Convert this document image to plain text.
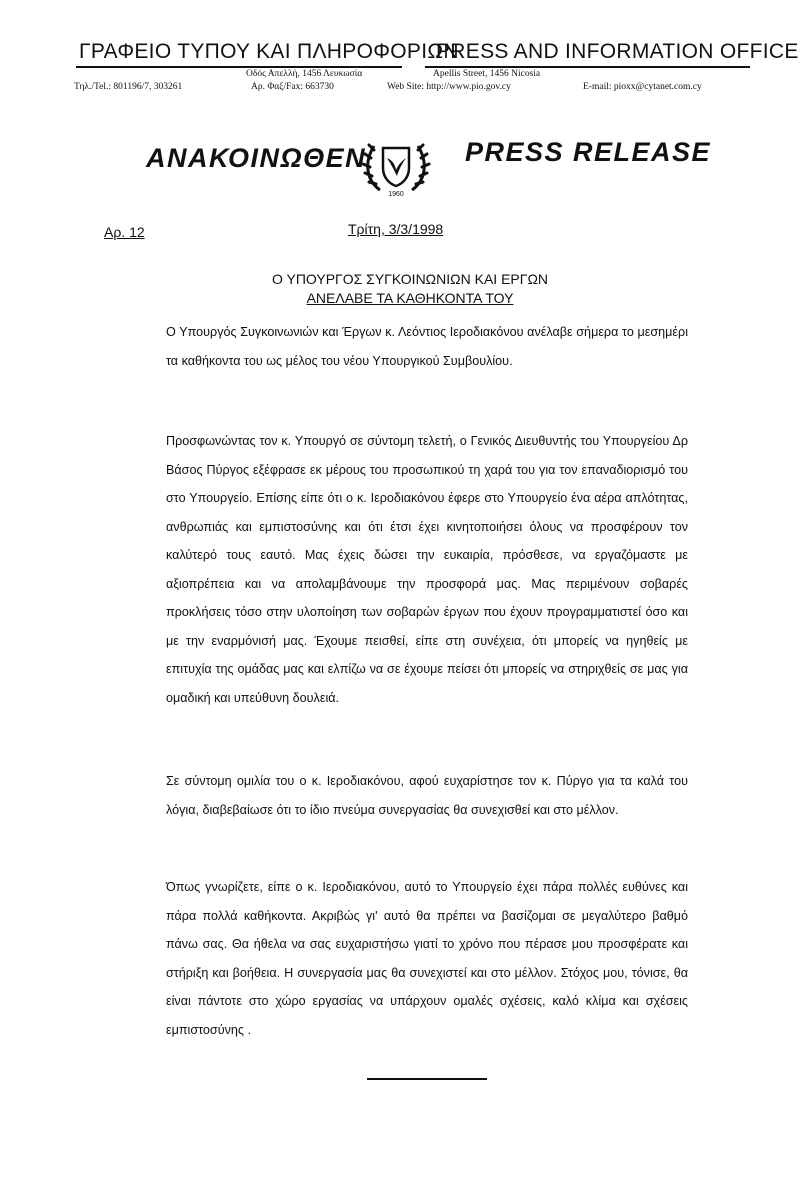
ΓΡΑΦΕΙΟ ΤΥΠΟΥ ΚΑΙ ΠΛΗΡΟΦΟΡΙΩΝ
PRESS AND INFORMATION OFFICE
Οδός Απελλή, 1456 Λευκωσία	Apellis Street, 1456 Nicosia
Τηλ./Tel.: 801196/7, 303261	Αρ. Φαξ/Fax: 663730	Web Site: http://www.pio.gov.cy	E-mail: pioxx@cytanet.com.cy
ΑΝΑΚΟΙΝΩΘΕΝ
1960
PRESS RELEASE
Αρ. 12	Τρίτη, 3/3/1998
Ο ΥΠΟΥΡΓΟΣ ΣΥΓΚΟΙΝΩΝΙΩΝ ΚΑΙ ΕΡΓΩΝ
ΑΝΕΛΑΒΕ ΤΑ ΚΑΘΗΚΟΝΤΑ ΤΟΥ
Ο Υπουργός Συγκοινωνιών και Έργων κ. Λεόντιος Ιεροδιακόνου ανέλαβε σήμερα το μεσημέρι τα καθήκοντα του ως μέλος του νέου Υπουργικού Συμβουλίου.
Προσφωνώντας τον κ. Υπουργό σε σύντομη τελετή, ο Γενικός Διευθυντής του Υπουργείου Δρ Βάσος Πύργος εξέφρασε εκ μέρους του προσωπικού τη χαρά του για τον επαναδιορισμό του στο Υπουργείο. Επίσης είπε ότι ο κ. Ιεροδιακόνου έφερε στο Υπουργείο ένα αέρα απλότητας, ανθρωπιάς και εμπιστοσύνης και ότι έτσι έχει κινητοποιήσει όλους να προσφέρουν τον καλύτερό τους εαυτό. Μας έχεις δώσει την ευκαιρία, πρόσθεσε, να εργαζόμαστε με αξιοπρέπεια και να απολαμβάνουμε την προσφορά μας. Μας περιμένουν σοβαρές προκλήσεις τόσο στην υλοποίηση των σοβαρών έργων που έχουν προγραμματιστεί όσο και με την εναρμόνισή μας. Έχουμε πεισθεί, είπε στη συνέχεια, ότι μπορείς να ηγηθείς με επιτυχία της ομάδας μας και ελπίζω να σε έχουμε πείσει ότι μπορείς να στηριχθείς σε μας για ομαδική και υπεύθυνη δουλειά.
Σε σύντομη ομιλία του ο κ. Ιεροδιακόνου, αφού ευχαρίστησε τον κ. Πύργο για τα καλά του λόγια, διαβεβαίωσε ότι το ίδιο πνεύμα συνεργασίας θα συνεχισθεί και στο μέλλον.
Όπως γνωρίζετε, είπε ο κ. Ιεροδιακόνου, αυτό το Υπουργείο έχει πάρα πολλές ευθύνες και πάρα πολλά καθήκοντα. Ακριβώς γι' αυτό θα πρέπει να βασίζομαι σε μεγαλύτερο βαθμό πάνω σας. Θα ήθελα να σας ευχαριστήσω γιατί το χρόνο που πέρασε μου προσφέρατε και στήριξη και βοήθεια. Η συνεργασία μας θα συνεχιστεί και στο μέλλον. Στόχος μου, τόνισε, θα είναι πάντοτε στο χώρο εργασίας να υπάρχουν ομαλές σχέσεις, καλό κλίμα και σχέσεις εμπιστοσύνης .
